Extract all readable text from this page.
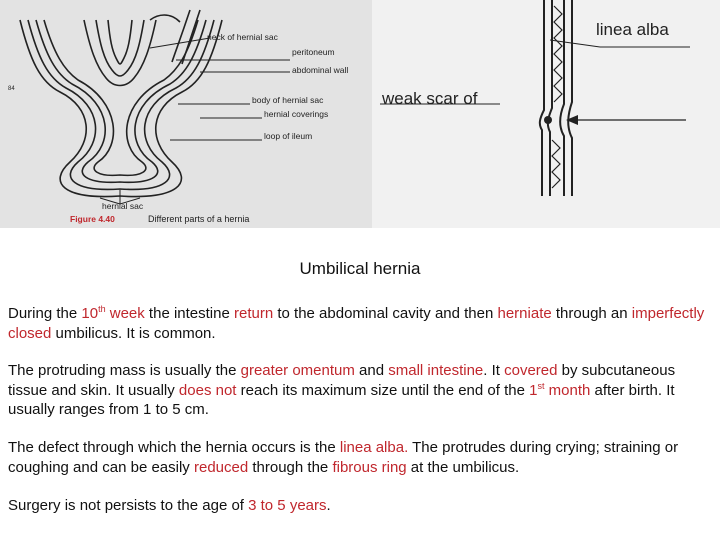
neck of hernial sac
peritoneum
abdominal wall
body of hernial sac
hernial coverings
loop of ileum
hernial sac
84
Figure 4.40	Different parts of a hernia
linea alba
weak scar of
Umbilical hernia

During the 10th week the intestine return to the abdominal cavity and then herniate through an imperfectly closed umbilicus. It is common.

The protruding mass is usually the greater omentum and small intestine. It covered by subcutaneous tissue and skin. It usually does not reach its maximum size until the end of the 1st month after birth. It usually ranges from 1 to 5 cm.

The defect through which the hernia occurs is the linea alba. The protrudes during crying; straining or coughing and can be easily reduced through the fibrous ring at the umbilicus.

Surgery is not persists to the age of 3 to 5 years.
